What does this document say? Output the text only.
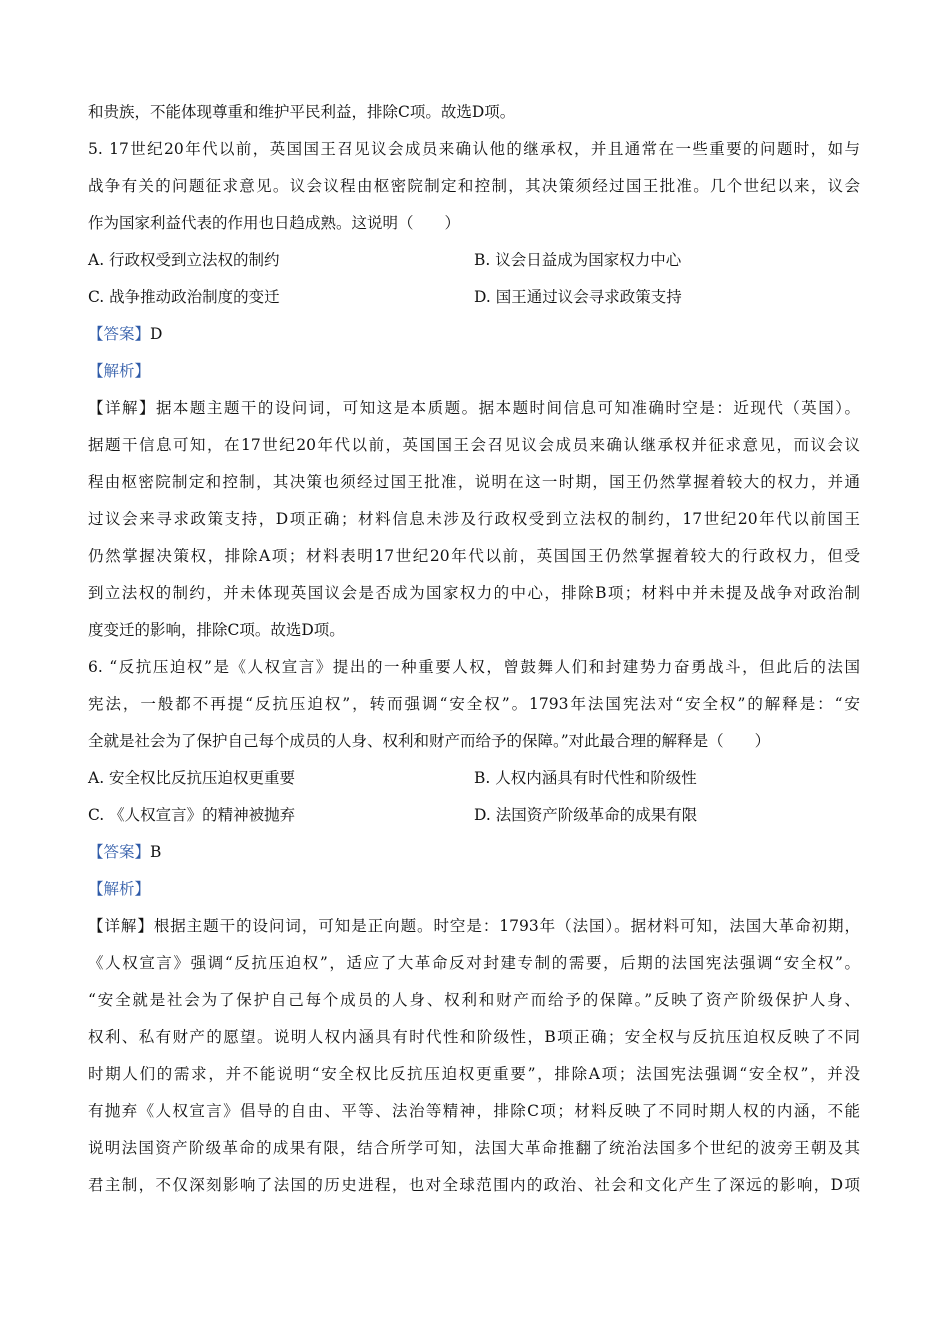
和贵族，不能体现尊重和维护平民利益，排除C项。故选D项。
5. 17世纪20年代以前，英国国王召见议会成员来确认他的继承权，并且通常在一些重要的问题时，如与
战争有关的问题征求意见。议会议程由枢密院制定和控制，其决策须经过国王批准。几个世纪以来，议会
作为国家利益代表的作用也日趋成熟。这说明（　　）
A. 行政权受到立法权的制约	B. 议会日益成为国家权力中心
C. 战争推动政治制度的变迁	D. 国王通过议会寻求政策支持
【答案】D
【解析】
【详解】据本题主题干的设问词，可知这是本质题。据本题时间信息可知准确时空是：近现代（英国）。
据题干信息可知，在17世纪20年代以前，英国国王会召见议会成员来确认继承权并征求意见，而议会议
程由枢密院制定和控制，其决策也须经过国王批准，说明在这一时期，国王仍然掌握着较大的权力，并通
过议会来寻求政策支持，D项正确；材料信息未涉及行政权受到立法权的制约，17世纪20年代以前国王
仍然掌握决策权，排除A项；材料表明17世纪20年代以前，英国国王仍然掌握着较大的行政权力，但受
到立法权的制约，并未体现英国议会是否成为国家权力的中心，排除B项；材料中并未提及战争对政治制
度变迁的影响，排除C项。故选D项。
6. “反抗压迫权”是《人权宣言》提出的一种重要人权，曾鼓舞人们和封建势力奋勇战斗，但此后的法国
宪法，一般都不再提“反抗压迫权”，转而强调“安全权”。1793年法国宪法对“安全权”的解释是：“安
全就是社会为了保护自己每个成员的人身、权利和财产而给予的保障。”对此最合理的解释是（　　）
A. 安全权比反抗压迫权更重要	B. 人权内涵具有时代性和阶级性
C. 《人权宣言》的精神被抛弃	D. 法国资产阶级革命的成果有限
【答案】B
【解析】
【详解】根据主题干的设问词，可知是正向题。时空是：1793年（法国）。据材料可知，法国大革命初期，
《人权宣言》强调“反抗压迫权”，适应了大革命反对封建专制的需要，后期的法国宪法强调“安全权”。
“安全就是社会为了保护自己每个成员的人身、权利和财产而给予的保障。”反映了资产阶级保护人身、
权利、私有财产的愿望。说明人权内涵具有时代性和阶级性，B项正确；安全权与反抗压迫权反映了不同
时期人们的需求，并不能说明“安全权比反抗压迫权更重要”，排除A项；法国宪法强调“安全权”，并没
有抛弃《人权宣言》倡导的自由、平等、法治等精神，排除C项；材料反映了不同时期人权的内涵，不能
说明法国资产阶级革命的成果有限，结合所学可知，法国大革命推翻了统治法国多个世纪的波旁王朝及其
君主制，不仅深刻影响了法国的历史进程，也对全球范围内的政治、社会和文化产生了深远的影响，D项
